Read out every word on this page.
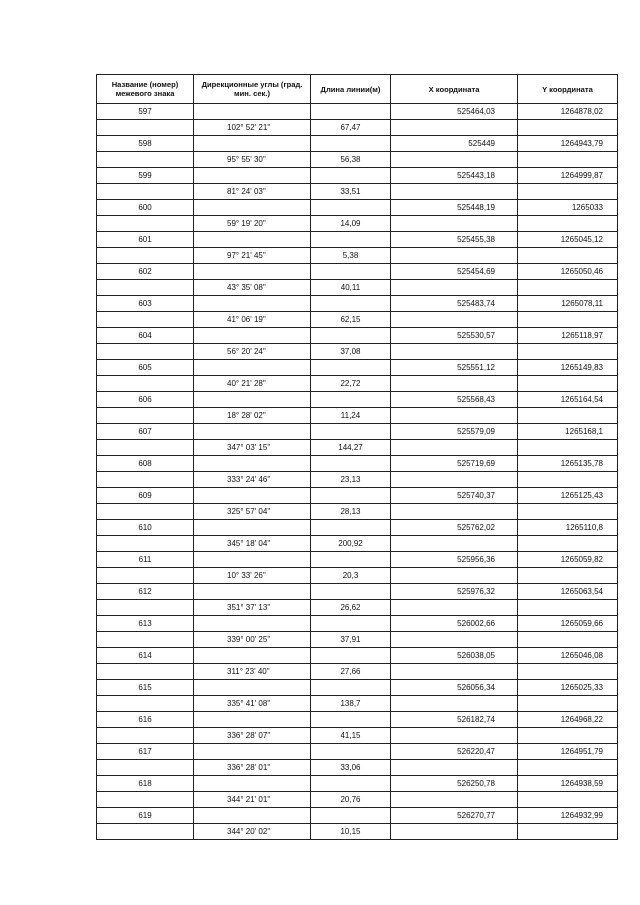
Название (номер) межевого знака	Дирекционные углы (град. мин. сек.)	Длина линии(м)	X координата	Y координата
597			525464,03	1264878,02
	102° 52' 21"	67,47		
598			525449	1264943,79
	95° 55' 30"	56,38		
599			525443,18	1264999,87
	81° 24' 03"	33,51		
600			525448,19	1265033
	59° 19' 20"	14,09		
601			525455,38	1265045,12
	97° 21' 45"	5,38		
602			525454,69	1265050,46
	43° 35' 08"	40,11		
603			525483,74	1265078,11
	41° 06' 19"	62,15		
604			525530,57	1265118,97
	56° 20' 24"	37,08		
605			525551,12	1265149,83
	40° 21' 28"	22,72		
606			525568,43	1265164,54
	18° 28' 02"	11,24		
607			525579,09	1265168,1
	347° 03' 15"	144,27		
608			525719,69	1265135,78
	333° 24' 46"	23,13		
609			525740,37	1265125,43
	325° 57' 04"	28,13		
610			525762,02	1265110,8
	345° 18' 04"	200,92		
611			525956,36	1265059,82
	10° 33' 26"	20,3		
612			525976,32	1265063,54
	351° 37' 13"	26,62		
613			526002,66	1265059,66
	339° 00' 25"	37,91		
614			526038,05	1265046,08
	311° 23' 40"	27,66		
615			526056,34	1265025,33
	335° 41' 08"	138,7		
616			526182,74	1264968,22
	336° 28' 07"	41,15		
617			526220,47	1264951,79
	336° 28' 01"	33,06		
618			526250,78	1264938,59
	344° 21' 01"	20,76		
619			526270,77	1264932,99
	344° 20' 02"	10,15		
